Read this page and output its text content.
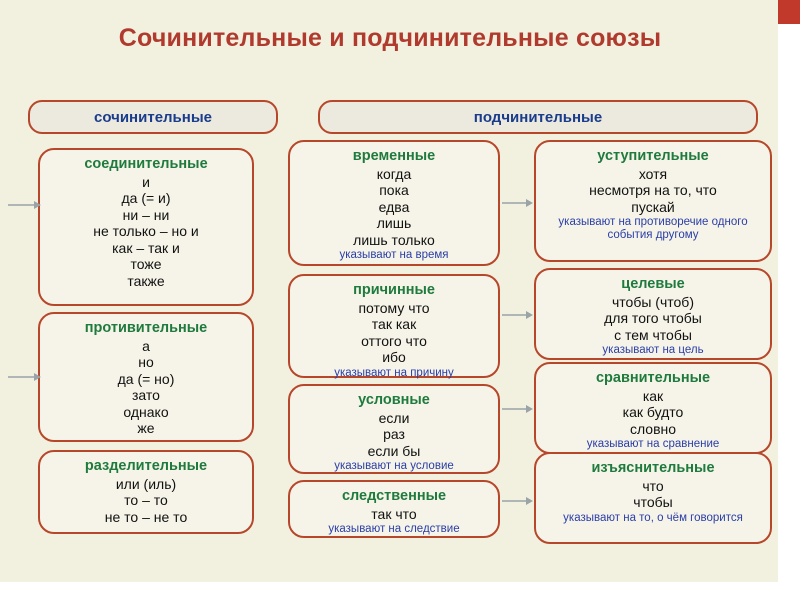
Сочинительные и подчинительные союзы
сочинительные	подчинительные
соединительные
и
да (= и)
ни – ни
не только – но и
как – так и
тоже
также
противительные
а
но
да (= но)
зато
однако
же
разделительные
или (иль)
то – то
не то – не то
временные
когда
пока
едва
лишь
лишь только
указывают на время
причинные
потому что
так как
оттого что
ибо
указывают на причину
условные
если
раз
если бы
указывают на условие
следственные
так что
указывают на следствие
уступительные
хотя
несмотря на то, что
пускай
указывают на противоречие одного события другому
целевые
чтобы (чтоб)
для того чтобы
с тем чтобы
указывают на цель
сравнительные
как
как будто
словно
указывают на сравнение
изъяснительные
что
чтобы
указывают на то, о чём говорится
